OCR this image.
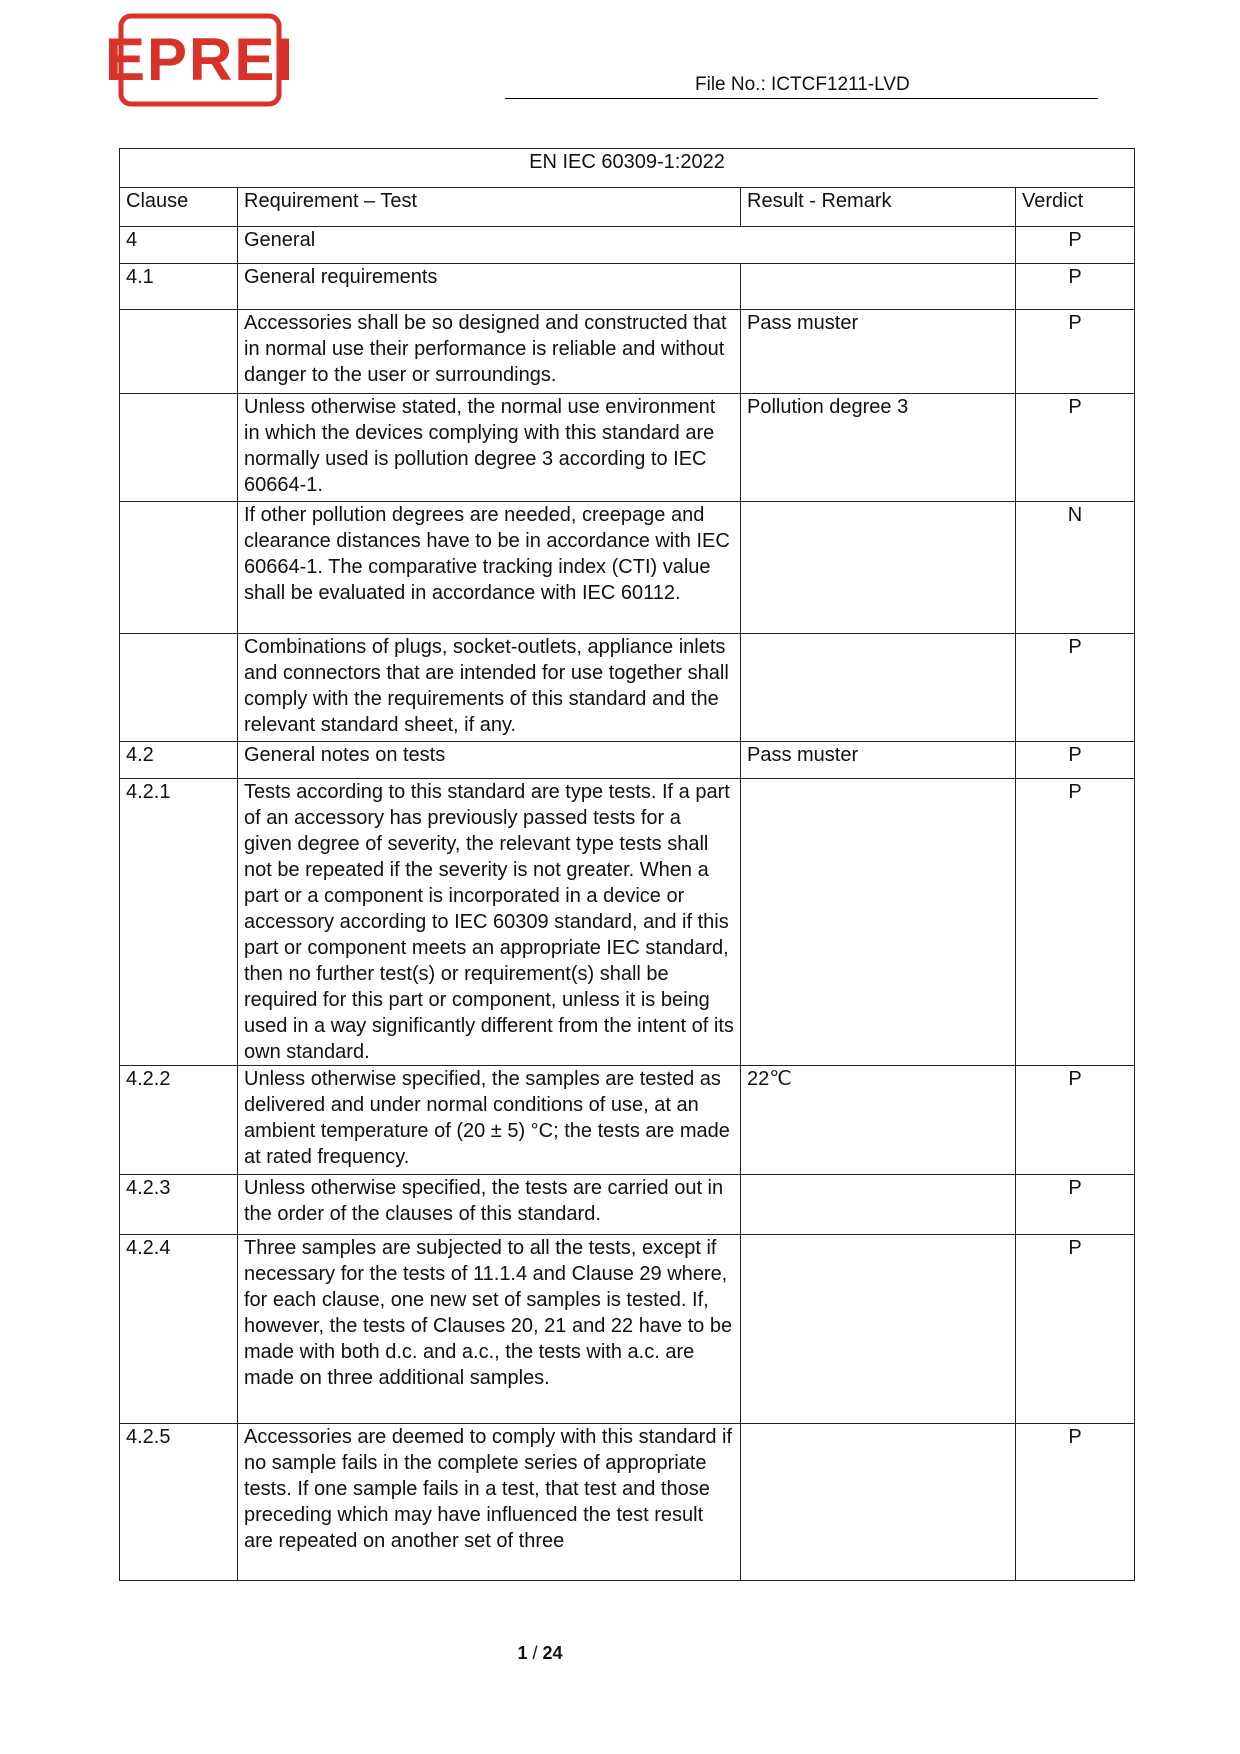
EPREI	File No.: ICTCF1211-LVD
EN IEC 60309-1:2022			
Clause	Requirement – Test	Result - Remark	Verdict
4	General		P
4.1	General requirements		P
	Accessories shall be so designed and constructed that in normal use their performance is reliable and without danger to the user or surroundings.	Pass muster	P
	Unless otherwise stated, the normal use environment in which the devices complying with this standard are normally used is pollution degree 3 according to IEC 60664-1.	Pollution degree 3	P
	If other pollution degrees are needed, creepage and clearance distances have to be in accordance with IEC 60664-1. The comparative tracking index (CTI) value shall be evaluated in accordance with IEC 60112.		N
	Combinations of plugs, socket-outlets, appliance inlets and connectors that are intended for use together shall comply with the requirements of this standard and the relevant standard sheet, if any.		P
4.2	General notes on tests	Pass muster	P
4.2.1	Tests according to this standard are type tests. If a part of an accessory has previously passed tests for a given degree of severity, the relevant type tests shall not be repeated if the severity is not greater. When a part or a component is incorporated in a device or accessory according to IEC 60309 standard, and if this part or component meets an appropriate IEC standard, then no further test(s) or requirement(s) shall be required for this part or component, unless it is being used in a way significantly different from the intent of its own standard.		P
4.2.2	Unless otherwise specified, the samples are tested as delivered and under normal conditions of use, at an ambient temperature of (20 ± 5) °C; the tests are made at rated frequency.	22℃	P
4.2.3	Unless otherwise specified, the tests are carried out in the order of the clauses of this standard.		P
4.2.4	Three samples are subjected to all the tests, except if necessary for the tests of 11.1.4 and Clause 29 where, for each clause, one new set of samples is tested. If, however, the tests of Clauses 20, 21 and 22 have to be made with both d.c. and a.c., the tests with a.c. are made on three additional samples.		P
4.2.5	Accessories are deemed to comply with this standard if no sample fails in the complete series of appropriate tests. If one sample fails in a test, that test and those preceding which may have influenced the test result are repeated on another set of three		P
1 / 24
